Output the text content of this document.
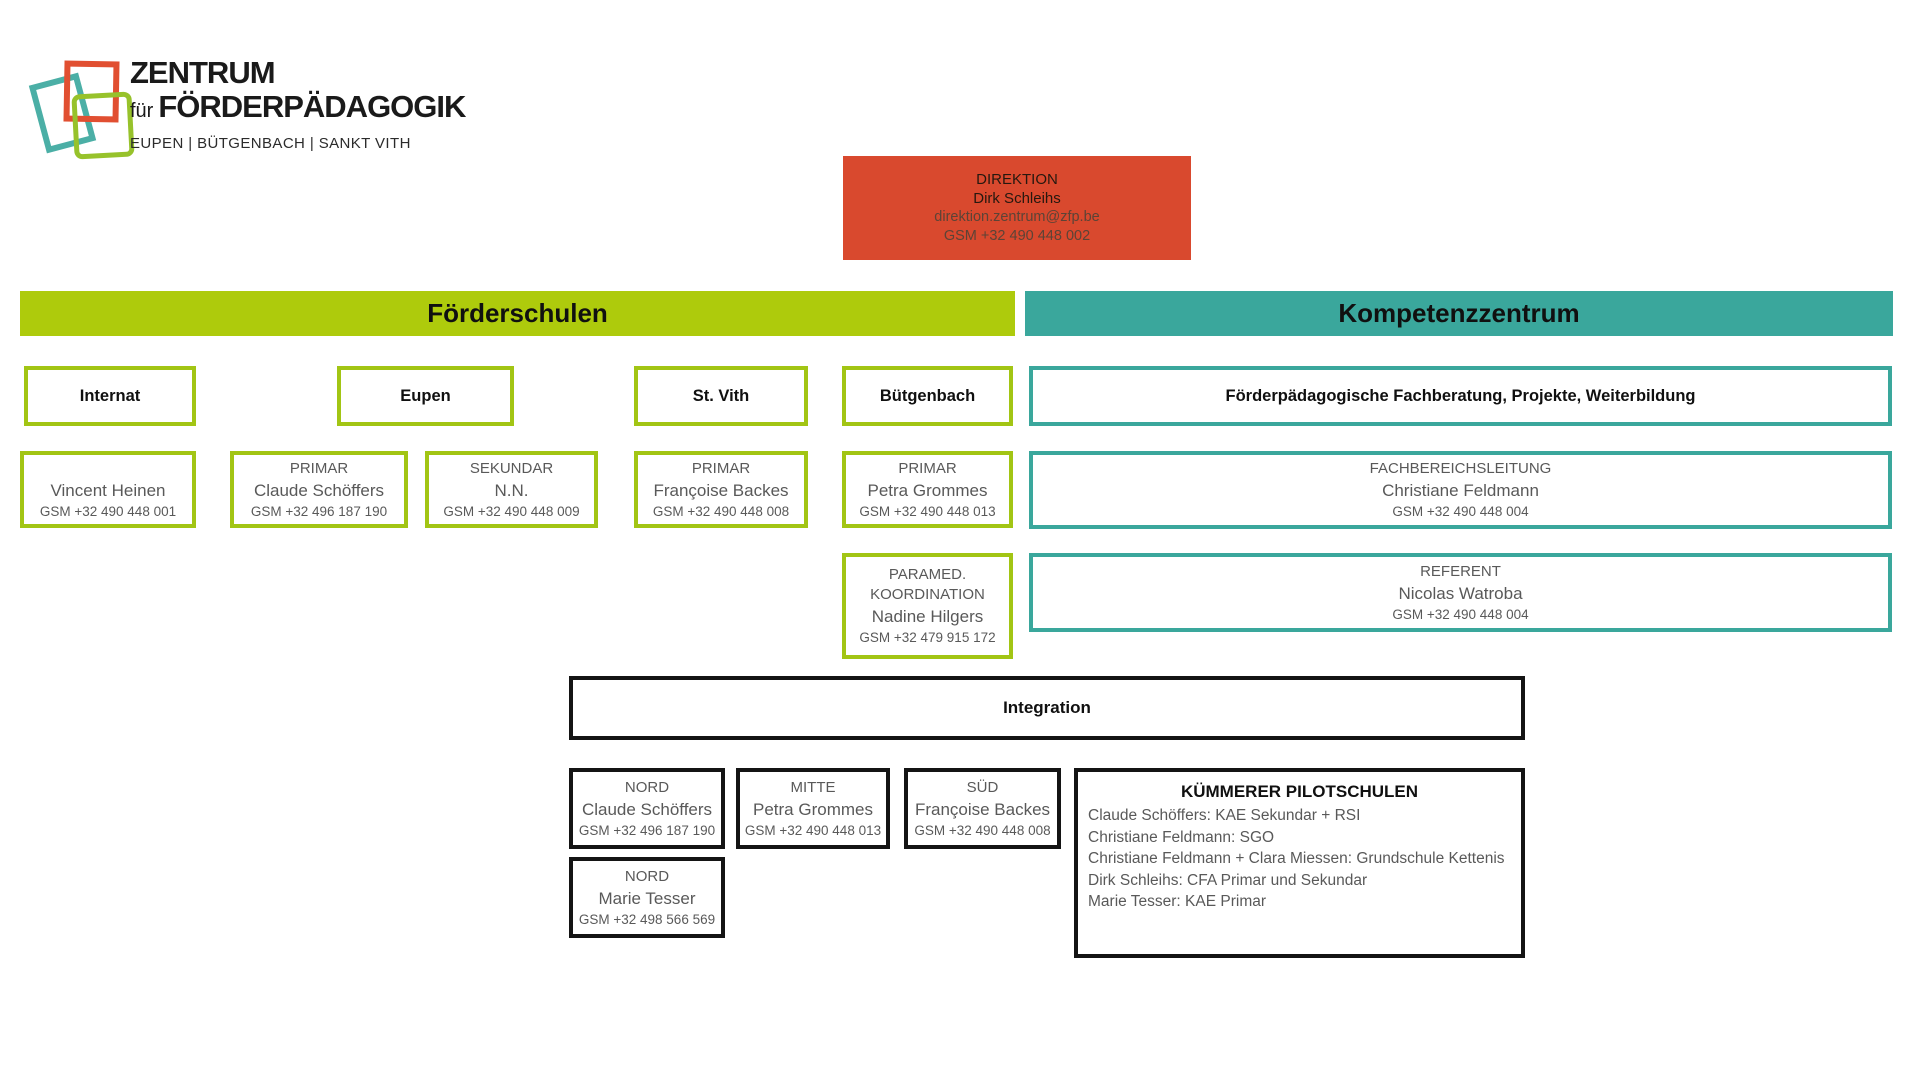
ZENTRUM
für FÖRDERPÄDAGOGIK
EUPEN | BÜTGENBACH | SANKT VITH
DIREKTION
Dirk Schleihs
direktion.zentrum@zfp.be
GSM +32 490 448 002
Förderschulen	Kompetenzzentrum
Internat	Eupen	St. Vith	Bütgenbach	Förderpädagogische Fachberatung, Projekte, Weiterbildung
Vincent Heinen
GSM +32 490 448 001
PRIMAR
Claude Schöffers
GSM +32 496 187 190
SEKUNDAR
N.N.
GSM +32 490 448 009
PRIMAR
Françoise Backes
GSM +32 490 448 008
PRIMAR
Petra Grommes
GSM +32 490 448 013
FACHBEREICHSLEITUNG
Christiane Feldmann
GSM +32 490 448 004
PARAMED.
KOORDINATION
Nadine Hilgers
GSM +32 479 915 172
REFERENT
Nicolas Watroba
GSM +32 490 448 004
Integration
NORD
Claude Schöffers
GSM +32 496 187 190
MITTE
Petra Grommes
GSM +32 490 448 013
SÜD
Françoise Backes
GSM +32 490 448 008
KÜMMERER PILOTSCHULEN
Claude Schöffers: KAE Sekundar + RSI
Christiane Feldmann: SGO
Christiane Feldmann + Clara Miessen: Grundschule Kettenis
Dirk Schleihs: CFA Primar und Sekundar
Marie Tesser: KAE Primar
NORD
Marie Tesser
GSM +32 498 566 569
